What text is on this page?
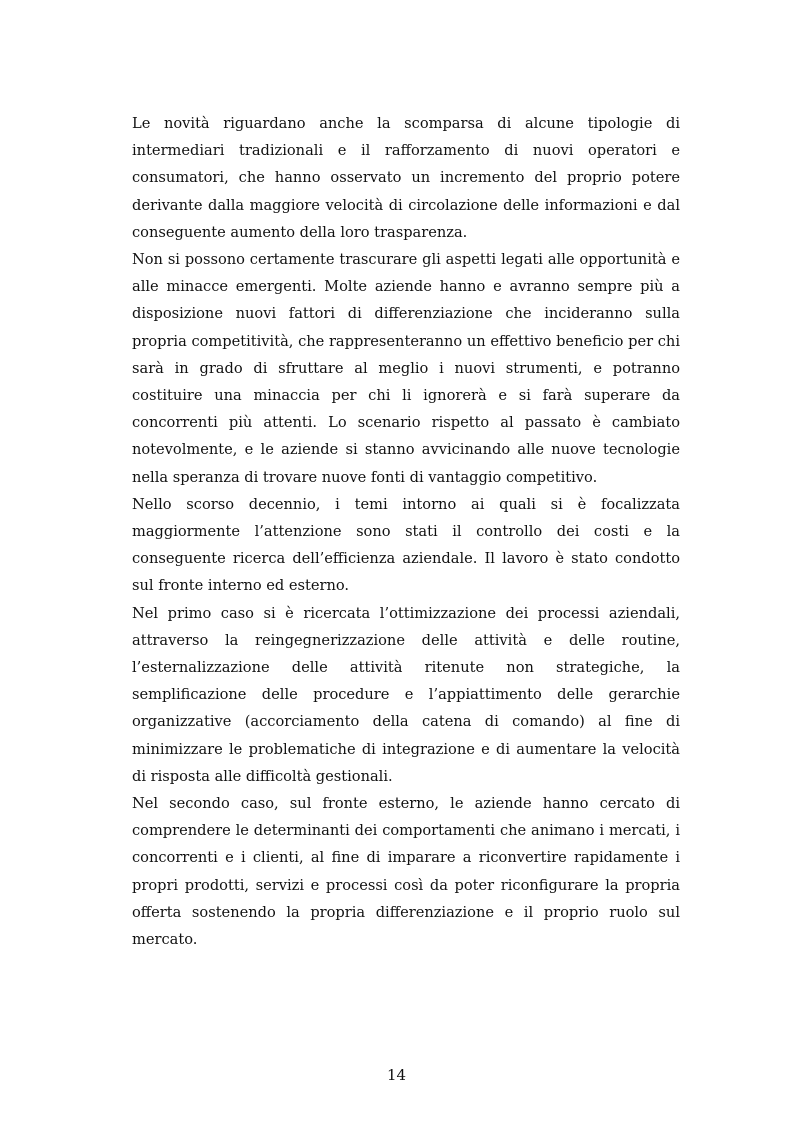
Le novità riguardano anche la scomparsa di alcune tipologie di intermediari tradizionali e il rafforzamento di nuovi operatori e consumatori, che hanno osservato un incremento del proprio potere derivante dalla maggiore velocità di circolazione delle informazioni e dal conseguente aumento della loro trasparenza.

Non si possono certamente trascurare gli aspetti legati alle opportunità e alle minacce emergenti. Molte aziende hanno e avranno sempre più a disposizione nuovi fattori di differenziazione che incideranno sulla propria competitività, che rappresenteranno un effettivo beneficio per chi sarà in grado di sfruttare al meglio i nuovi strumenti, e potranno costituire una minaccia per chi li ignorerà e si farà superare da concorrenti più attenti. Lo scenario rispetto al passato è cambiato notevolmente, e le aziende si stanno avvicinando alle nuove tecnologie nella speranza di trovare nuove fonti di vantaggio competitivo.

Nello scorso decennio, i temi intorno ai quali si è focalizzata maggiormente l’attenzione sono stati il controllo dei costi e la conseguente ricerca dell’efficienza aziendale. Il lavoro è stato condotto sul fronte interno ed esterno.

Nel primo caso si è ricercata l’ottimizzazione dei processi aziendali, attraverso la reingegnerizzazione delle attività e delle routine, l’esternalizzazione delle attività ritenute non strategiche, la semplificazione delle procedure e l’appiattimento delle gerarchie organizzative (accorciamento della catena di comando) al fine di minimizzare le problematiche di integrazione e di aumentare la velocità di risposta alle difficoltà gestionali.

Nel secondo caso, sul fronte esterno, le aziende hanno cercato di comprendere le determinanti dei comportamenti che animano i mercati, i concorrenti e i clienti, al fine di imparare a riconvertire rapidamente i propri prodotti, servizi e processi così da poter riconfigurare la propria offerta sostenendo la propria differenziazione e il proprio ruolo sul mercato.

14
